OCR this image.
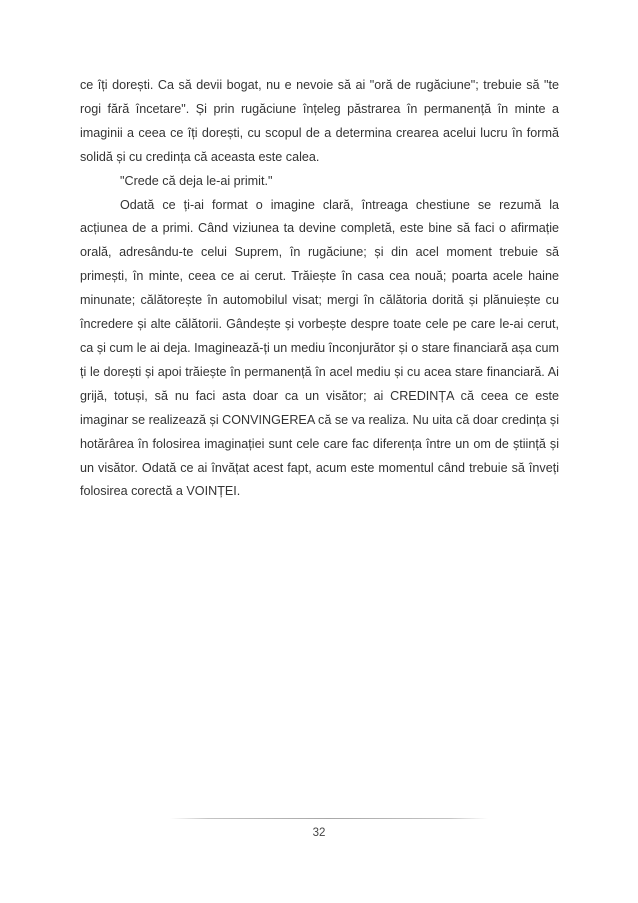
ce îți dorești. Ca să devii bogat, nu e nevoie să ai "oră de rugăciune"; trebuie să "te rogi fără încetare". Și prin rugăciune înțeleg păstrarea în permanență în minte a imaginii a ceea ce îți dorești, cu scopul de a determina crearea acelui lucru în formă solidă și cu credința că aceasta este calea.

"Crede că deja le-ai primit."

Odată ce ți-ai format o imagine clară, întreaga chestiune se rezumă la acțiunea de a primi. Când viziunea ta devine completă, este bine să faci o afirmație orală, adresându-te celui Suprem, în rugăciune; și din acel moment trebuie să primești, în minte, ceea ce ai cerut. Trăiește în casa cea nouă; poarta acele haine minunate; călătorește în automobilul visat; mergi în călătoria dorită și plănuiește cu încredere și alte călătorii. Gândește și vorbește despre toate cele pe care le-ai cerut, ca și cum le ai deja. Imaginează-ți un mediu înconjurător și o stare financiară așa cum ți le dorești și apoi trăiește în permanență în acel mediu și cu acea stare financiară. Ai grijă, totuși, să nu faci asta doar ca un visător; ai CREDINȚA că ceea ce este imaginar se realizează și CONVINGEREA că se va realiza. Nu uita că doar credința și hotărârea în folosirea imaginației sunt cele care fac diferența între un om de știință și un visător. Odată ce ai învățat acest fapt, acum este momentul când trebuie să înveți folosirea corectă a VOINȚEI.

32
